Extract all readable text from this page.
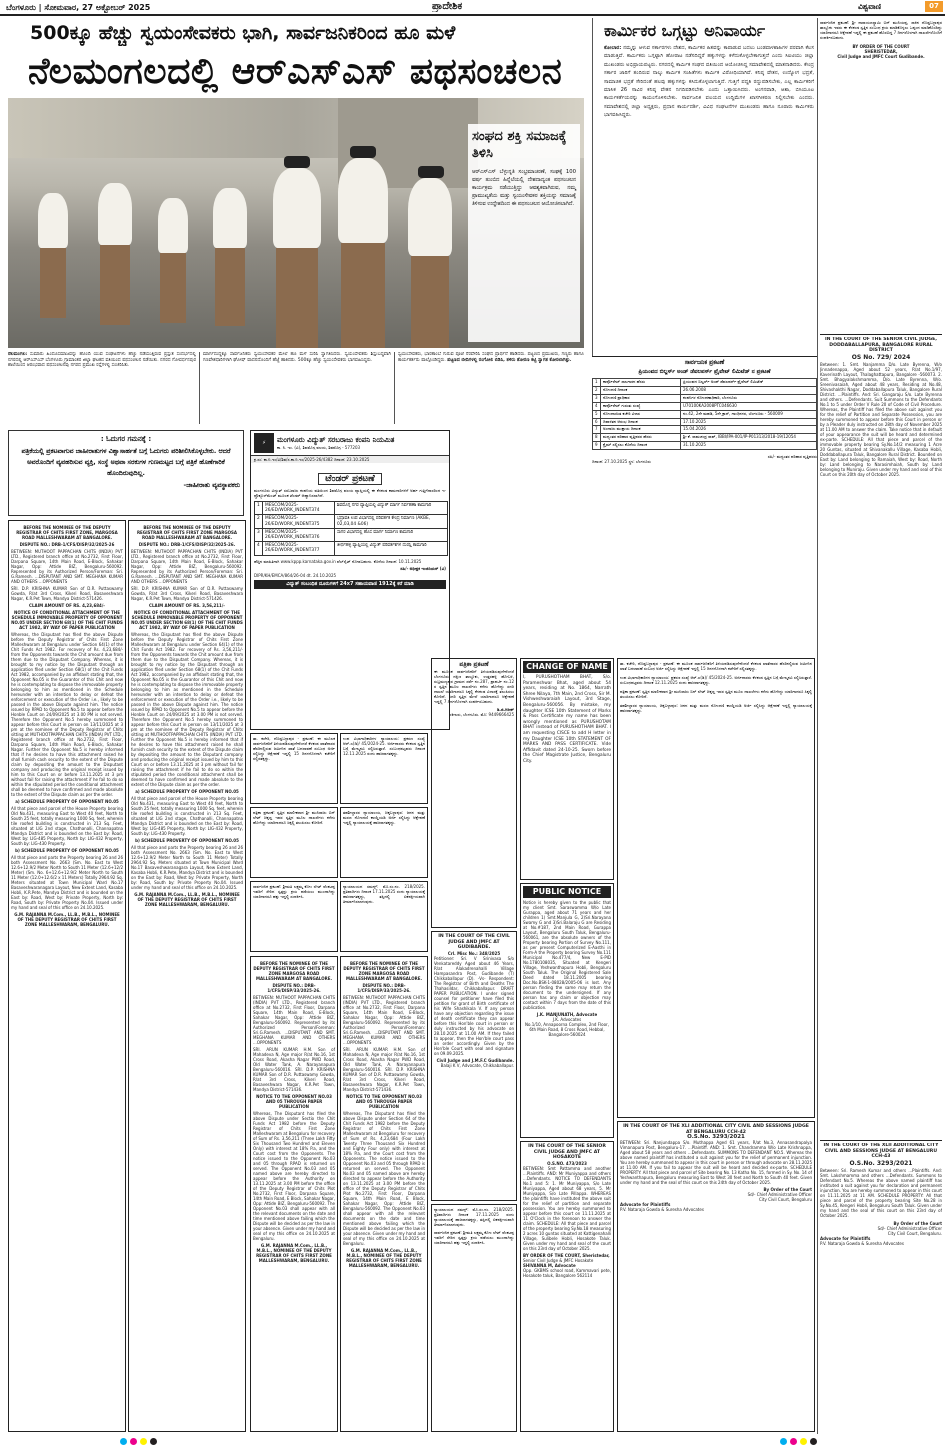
ಬೆಂಗಳೂರು | ಸೋಮವಾರ, 27 ಅಕ್ಟೋಬರ್ 2025	ಪ್ರಾದೇಶಿಕ	ವಿಶ್ವವಾಣಿ	07
500ಕ್ಕೂ ಹೆಚ್ಚು ಸ್ವಯಂಸೇವಕರು ಭಾಗಿ, ಸಾರ್ವಜನಿಕರಿಂದ ಹೂ ಮಳೆ
ನೆಲಮಂಗಲದಲ್ಲಿ ಆರ್‌ಎಸ್‌ಎಸ್ ಪಥಸಂಚಲನ
ಸಂಘದ ಶಕ್ತಿ ಸಮಾಜಕ್ಕೆ ತಿಳಿಸಿ
ಆರ್‌ಎಸ್‌ಎಸ್ ಬೆಳ್ಳುನ್ನತಿ ಸಂಭ್ರಮಾಚರಣೆ, ಸಂಘಕ್ಕೆ 100 ವರ್ಷ ತುಂಬಿದ ಹಿನ್ನೆಲೆಯಲ್ಲಿ ದೇಶದಾದ್ಯಂತ ಪಥಸಂಚಲನ ಕಾರ್ಯಕ್ರಮ ನಡೆಯುತ್ತಿದ್ದು ಆವಶ್ಯಕವಾಗಿರುವ, ನಮ್ಮ ಪ್ರಾಮುಖ್ಯತೆಯ ಮತ್ತು ಸ್ವಯಂಸೇವಕರ ಶಕ್ತಿಯನ್ನು ಸಮಾಜಕ್ಕೆ ತಿಳಿಸುವ ಉದ್ದೇಶದಿಂದ ಈ ಪಥಸಂಚಲನ ಆಯೋಜಿಸಲಾಗಿದೆ.
ನೆಲಮಂಗಲ: ಸುಮಾರು ಹಿಂದೂಸಮಾಜವನ್ನು ಹೊಂದಿ ಯುವ ಸಂಘಟನೆಗಳು ಹೆಚ್ಚು ನಡೆಯುತ್ತಿರುವ ಪ್ರಸ್ತುತ ಸಂದರ್ಭದಲ್ಲಿ ನಗರದಲ್ಲಿ ಆರ್‌ಎಸ್‌ಎಸ್ ಬೆಂಗಳೂರು ಗ್ರಾಮಾಂತರ ಜಿಲ್ಲಾ ಘಟಕದ ವತಿಯಿಂದ ಪಥಸಂಚಲನ ನಡೆಯಿತು. ನಗರದ ಗೋವರ್ಧನಪುರ ಶಾಲೆಯಿಂದ ಆರಂಭವಾದ ಪಥಸಂಚಲನವು ನಗರದ ಪ್ರಮುಖ ರಸ್ತೆಗಳಲ್ಲಿ ಸಂಚರಿಸಿತು.
ಮಾರ್ಗದುದ್ದಕ್ಕೂ ಸಾರ್ವಜನಿಕರು ಸ್ವಯಂಸೇವಕರ ಮೇಲೆ ಹೂ ಮಳೆ ಸುರಿಸಿ ಸ್ವಾಗತಿಸಿದರು. ಸ್ವಯಂಸೇವಕರು ಶಿಸ್ತುಬದ್ಧವಾಗಿ ಗಣವೇಶಧಾರಿಗಳಾಗಿ ಘೋಷ್ ವಾದನದೊಂದಿಗೆ ಹೆಜ್ಜೆ ಹಾಕಿದರು. 500ಕ್ಕೂ ಹೆಚ್ಚು ಸ್ವಯಂಸೇವಕರು ಭಾಗವಹಿಸಿದ್ದರು.
ಸ್ವಯಂಸೇವಕರು, ಭಾರತಾಂಬೆ ಗುರುವ ಪೂಜೆ ನೆರವೇರಿಸಿ ಸಂಘದ ಪ್ರಾರ್ಥನೆ ಹಾಡಿದರು. ಪಟ್ಟಣದ ಪ್ರಮುಖರು, ಗಣ್ಯರು ಹಾಗೂ ಕಾರ್ಯಕರ್ತರು ಪಾಲ್ಗೊಂಡಿದ್ದರು. ಪಟ್ಟಣದ ಬೀದಿಗಳಲ್ಲಿ ರಂಗೋಲಿ ಬಿಡಿಸಿ, ತಳಿರು ತೋರಣ ಕಟ್ಟಿ ಸ್ವಾಗತ ಕೋರಲಾಗಿತ್ತು.
ಕಾರ್ಮಿಕರ ಒಗ್ಗಟ್ಟು ಅನಿವಾರ್ಯ
ಕೋಲಾರ: ನಮ್ಮನ್ನು ಆಳುವ ಸರ್ಕಾರಗಳು ದೇಶದ, ಕಾರ್ಮಿಕರ ಹಿತವನ್ನು ಕಾಪಾಡುವ ಬದಲು ಬಂಡವಾಳಶಾಹಿಗಳ ಪರವಾಗಿ ಕೆಲಸ ಮಾಡುತ್ತಿವೆ. ಕಾರ್ಮಿಕರು ಒಗ್ಗಟ್ಟಾಗಿ ಹೋರಾಟ ನಡೆಸದಿದ್ದರೆ ಹಕ್ಕುಗಳನ್ನು ಕಳೆದುಕೊಳ್ಳಬೇಕಾಗುತ್ತದೆ ಎಂದು ಸಿಐಟಿಯು ಜಿಲ್ಲಾ ಮುಖಂಡರು ಅಭಿಪ್ರಾಯಪಟ್ಟರು. ನಗರದಲ್ಲಿ ಕಾರ್ಮಿಕ ಸಂಘದ ವತಿಯಿಂದ ಆಯೋಜಿಸಿದ್ದ ಸಮಾವೇಶದಲ್ಲಿ ಮಾತನಾಡಿದರು. ಕೇಂದ್ರ ಸರ್ಕಾರ ಜಾರಿಗೆ ತಂದಿರುವ ನಾಲ್ಕು ಕಾರ್ಮಿಕ ಸಂಹಿತೆಗಳು ಕಾರ್ಮಿಕ ವಿರೋಧಿಯಾಗಿವೆ. ಕನಿಷ್ಠ ವೇತನ, ಉದ್ಯೋಗ ಭದ್ರತೆ, ಸಾಮಾಜಿಕ ಭದ್ರತೆ ಸೇರಿದಂತೆ ಹಲವು ಹಕ್ಕುಗಳನ್ನು ಕಸಿದುಕೊಳ್ಳಲಾಗುತ್ತಿದೆ. ಗುತ್ತಿಗೆ ಪದ್ಧತಿ ರದ್ದುಪಡಿಸಬೇಕು, ಎಲ್ಲ ಕಾರ್ಮಿಕರಿಗೆ ಮಾಸಿಕ 26 ಸಾವಿರ ಕನಿಷ್ಠ ವೇತನ ನಿಗದಿಪಡಿಸಬೇಕು ಎಂದು ಒತ್ತಾಯಿಸಿದರು. ಅಂಗನವಾಡಿ, ಆಶಾ, ಬಿಸಿಯೂಟ ಕಾರ್ಯಕರ್ತೆಯರನ್ನು ಕಾಯಂಗೊಳಿಸಬೇಕು. ಸಾರ್ವಜನಿಕ ವಲಯದ ಉದ್ದಿಮೆಗಳ ಖಾಸಗೀಕರಣ ನಿಲ್ಲಿಸಬೇಕು ಎಂದರು. ಸಮಾವೇಶದಲ್ಲಿ ಜಿಲ್ಲಾ ಅಧ್ಯಕ್ಷರು, ಪ್ರಧಾನ ಕಾರ್ಯದರ್ಶಿ, ವಿವಿಧ ಸಂಘಟನೆಗಳ ಮುಖಂಡರು ಹಾಗೂ ನೂರಾರು ಕಾರ್ಮಿಕರು ಭಾಗವಹಿಸಿದ್ದರು.
ಸಾರ್ವಜನಿಕ ಪ್ರಕಟಣೆ: ಶ್ರೀ ನಾರಾಯಣಸ್ವಾಮಿ ಬಿನ್ ಮುನಿಯಪ್ಪ, ಸಾಕಿನ ದೊಡ್ಡಬಳ್ಳಾಪುರ ತಾಲ್ಲೂಕು ಇವರು ಈ ಕೆಳಕಂಡ ಸ್ವತ್ತಿನ ಸಂಬಂಧ ಕ್ರಯ ಮಾಡಿಕೊಳ್ಳಲು ಒಪ್ಪಂದ ಮಾಡಿಕೊಂಡಿದ್ದು ಯಾರಿಗಾದರೂ ಆಕ್ಷೇಪಣೆ ಇದ್ದಲ್ಲಿ ಈ ಪ್ರಕಟಣೆ ಹೊರಬಿದ್ದ 7 ದಿನಗಳೊಳಗಾಗಿ ದಾಖಲೆಗಳೊಂದಿಗೆ ಸಂಪರ್ಕಿಸಬಹುದು.
BY ORDER OF THE COURT
SHERISTEDAR,
Civil Judge and JMFC Court Gudibande.
IN THE COURT OF THE SENIOR CIVIL JUDGE, DODDABALLAPURA, BANGALORE RURAL DISTRICT
OS No. 729/ 2024
Between: 1. Smt. Nanjamma D/o. Late Byrenna, W/o Jinnadenappa, Aged about 52 years, R/at No.1/97, Kaverinath Layout, Thalaghattapura, Bangalore -560073. 2. Smt. Bhagyalakshmamma, D/o. Late Byrenna, W/o. Sreenivasaiah, Aged about 48 years, Residing at No.48, Shivashakthi Nagar, Doddaballapura Taluk, Bangalore Rural District. ...Plaintiffs. And: Sri. Gangaraju S/o. Late Byrenna and others. ...Defendants. Suit Summons to the Defendants No.1 to 5 under Order V Rule 20 of Code of Civil Procedure. Whereas, the Plaintiff has filed the above suit against you for the relief of Partition and Separate Possession, you are hereby summoned to appear before this Court in person or by a Pleader duly instructed on 28th day of November 2025 at 11.00 AM to answer the claim. Take notice that in default of your appearance the suit will be heard and determined ex-parte. SCHEDULE: All that piece and parcel of the immovable property bearing Sy.No.14/2 measuring 1 Acre 20 Guntas, situated at Shivanakallu Village, Kasaba Hobli, Doddaballapura Taluk, Bangalore Rural District. Bounded on East by: Land belonging to Ramaiah, West by: Road, North by: Land belonging to Narasimhaiah, South by: Land belonging to Muniraju. Given under my hand and seal of this Court on this 20th day of October 2025.
IN THE COURT OF THE XLII ADDITIONAL CITY CIVIL AND SESSIONS JUDGE AT BENGALURU CCH-43
O.S.No. 3293/2021
Between: Sri. Ramesh Kumar and others ...Plaintiffs. And: Smt. Lakshmamma and others ...Defendants. Summons to Defendant No.5. Whereas the above named plaintiff has instituted a suit against you for declaration and permanent injunction. You are hereby summoned to appear in this court on 11.11.2025 at 11 AM. SCHEDULE PROPERTY: All that piece and parcel of the property bearing Site No.28 in Sy.No.45, Kengeri Hobli, Bengaluru South Taluk. Given under my hand and the seal of this court on this 23rd day of October 2025.
By Order of the Court
Sd/- Chief Administrative Officer
City Civil Court, Bengaluru.
Advocate for Plaintiffs
P.V. Nataraja Gowda & Suresha Advocates
ಸಾರ್ವಜನಿಕ ಪ್ರಕಟಣೆ
ಪ್ರಿಯಂವದ ಬಿಲ್ಡರ್ಸ್ ಅಂಡ್ ಡೆವಲಪರ್ಸ್ ಪ್ರೈವೇಟ್ ಲಿಮಿಟೆಡ್ ನ ಪ್ರಕಟಣೆ
1	ಕಾರ್ಪೊರೇಟ್ ಸಾಲಗಾರನ ಹೆಸರು	ಪ್ರಿಯಂವದ ಬಿಲ್ಡರ್ಸ್ ಅಂಡ್ ಡೆವಲಪರ್ಸ್ ಪ್ರೈವೇಟ್ ಲಿಮಿಟೆಡ್
2	ನೋಂದಣಿ ದಿನಾಂಕ	26.06.2008
3	ನೋಂದಣಿ ಪ್ರಾಧಿಕಾರ	ಕಂಪನಿಗಳ ನೋಂದಣಾಧಿಕಾರಿ, ಬೆಂಗಳೂರು
4	ಕಾರ್ಪೊರೇಟ್ ಗುರುತು ಸಂಖ್ಯೆ	U70100KA2008PTC046630
5	ನೋಂದಾಯಿತ ಕಚೇರಿ ವಿಳಾಸ	ನಂ.42, 2ನೇ ಮಹಡಿ, 5ನೇ ಕ್ರಾಸ್, ಗಾಂಧಿನಗರ, ಬೆಂಗಳೂರು - 560009
6	ದಿವಾಳಿತನ ಆರಂಭ ದಿನಾಂಕ	17.10.2025
7	ಅಂದಾಜು ಮುಕ್ತಾಯ ದಿನಾಂಕ	15.04.2026
8	ಮಧ್ಯಂತರ ಪರಿಹಾರ ವೃತ್ತಿಪರರ ಹೆಸರು	ಶ್ರೀ ಕೆ. ರಾಮಚಂದ್ರ ರಾವ್, IBBI/IPA-001/IP-P01313/2018-19/12054
9	ಕ್ಲೈಮ್ ಸಲ್ಲಿಸಲು ಕೊನೆಯ ದಿನಾಂಕ	31.10.2025
ಸಹಿ/- ಮಧ್ಯಂತರ ಪರಿಹಾರ ವೃತ್ತಿಪರರು
ದಿನಾಂಕ: 27.10.2025 ಸ್ಥಳ: ಬೆಂಗಳೂರು
: ಓದುಗರ ಗಮನಕ್ಕೆ :
ಪತ್ರಿಕೆಯಲ್ಲಿ ಪ್ರಕಟವಾಗುವ ಜಾಹೀರಾತುಗಳ ವಿಶ್ವಾಸಾರ್ಹತೆ ಬಗ್ಗೆ ಓದುಗರು ಪರಿಶೀಲಿಸಿಕೊಳ್ಳಬೇಕು. ಆದರೆ ಅವರೊಂದಿಗೆ ವ್ಯವಹರಿಸುವ ವ್ಯಕ್ತಿ, ಸಂಸ್ಥೆ ಅಥವಾ ಸರಕುಗಳ ಗುಣಮಟ್ಟದ ಬಗ್ಗೆ ಪತ್ರಿಕೆ ಹೊಣೆಗಾರಿಕೆ ಹೊಂದಿರುವುದಿಲ್ಲ.
-ಜಾಹೀರಾತು ವ್ಯವಸ್ಥಾಪಕರು
BEFORE THE NOMINEE OF THE DEPUTY REGISTRAR OF CHITS FIRST ZONE, MARGOSA ROAD MALLESHWARAM AT BANGALORE.
DISPUTE NO.: DRB-1/CFS/DISP/32/2025-26
BETWEEN: MUTHOOT PAPPACHAN CHITS (INDIA) PVT LTD., Registered branch office at No.2732, First Floor, Darpana Square, 14th Main Road, E-Block, Sahakar Nagar, Opp: Attide BIZ, Bengaluru-560092. Represented by its Authorized Person/Foreman: Sri. G.Ramesh. ...DISPUTANT AND SMT. MEGHANA KUMAR AND OTHERS ...OPPONENTS
SRI. D.P. KRISHNA KUMAR Son of D.R. Puttaswamy Gowda, R/at 3rd Cross, Kikeri Road, Basaveshwara Nagar, K.R.Pet Town, Mandya District-571426.
CLAIM AMOUNT OF RS. 4,23,684/-
NOTICE OF CONDITIONAL ATTACHMENT OF THE SCHEDULE IMMOVABLE PROPERTY OF OPPONENT NO.05 UNDER SECTION 68(1) OF THE CHIT FUNDS ACT 1982, BY WAY OF PAPER PUBLICATION
Whereas, the Disputant has filed the above Dispute before the Deputy Registrar of Chits First Zone Malleshwaram at Bengaluru under Section 64(1) of the Chit Funds Act 1982. For recovery of Rs. 4,23,684/- from the Opponents towards the Chit amount due from them due to the Disputant Company. Whereas, it is brought to my notice by the Disputant through an application filed under Section 68(1) of the Chit Funds Act 1982, accompanied by an affidavit stating that, the Opponent No.05 is the Guarantor of this Chit and now he is contemplating to dispose the immovable property belonging to him as mentioned in the Schedule hereunder with an intention to delay or defeat the enforcement or execution of the Order i.e., likely to be passed in the above Dispute against him. The notice issued by RPAD to Opponent No.5 to appear before the Honble Court on 24/09/2025 at 3.00 PM is not served. Therefore the Opponent No.5 hereby summoned to appear before this Court in person on 13/11/2025 at 3 pm at the nominee of the Deputy Registrar of Chits sitting at MUTHOOTPAPPACHAN CHITS (INDIA) PVT LTD., Registered branch office at No.2732, First Floor, Darpana Square, 14th Main Road, E-Block, Sahakar Nagar. Further the Opponent No.5 is hereby informed that if he desires to have this attachment raised he shall furnish cash security to the extent of the Dispute claim by depositing the amount to the Disputant company and producing the original receipt issued by him to this Court on or before 13.11.2025 at 3 pm without fail for raising the attachment if he fail to do so within the stipulated period the conditional attachment shall be deemed to have confirmed and made absolute to the extent of the Dispute claim as per the order.
a) SCHEDULE PROPERTY OF OPPONENT NO.05
All that piece and parcel of the House Property bearing Old No.431, measuring East to West 40 feet, North to South 25 feet, totally measuring 1000 Sq. feet, wherein tile roofed building is constructed in 213 Sq. Feet, situated at LIG 2nd stage, Chathanalli, Channapatna Mandya District and is bounded on the East by: Road, West by: LIG-485 Property, North by: LIG-432 Property, South by: LIG-430 Property.
b) SCHEDULE PROPERTY OF OPPONENT NO.05
All that piece and parts the Property bearing 26 and 26 both Assessment No. 2663 (Sm. No. East to West 12.6+12.9/2 Meter North to South 11 Meter (12.6+12/2 Meter) (Sm. No. 6+12.6+12.9/2 Meter North to South 11 Meter (12.0+12.6/2 x 11 Meters) Totally 2964.92 Sq. Meters situated at Town Municipal Ward No.17 Basaveshwaranagara Layout, New Extent Land, Kasaba Hobli, K.R.Pete, Mandya District and is bounded on the East by: Road, West by: Private Property, North by: Road, South by: Private Property No.04. Issued under my hand and seal of this office on 24.10.2025.
G.M. RAJANNA M.Com., LL.B., M.B.L., NOMINEE OF THE DEPUTY REGISTRAR OF CHITS FIRST ZONE MALLESHWARAM, BENGALURU.
BEFORE THE NOMINEE OF THE DEPUTY REGISTRAR OF CHITS FIRST ZONE MARGOSA ROAD MALLESHWARAM AT BANGALORE.
DISPUTE NO.: DRB-1/CFS/DISP/32/2025-26.
BETWEEN: MUTHOOT PAPPACHAN CHITS (INDIA) PVT LTD., Registered branch office at No.2732, First Floor, Darpana Square, 14th Main Road, E-Block, Sahakar Nagar, Opp: Attide BIZ, Bengaluru-560092. Represented by its Authorized Person/Foreman: Sri. G.Ramesh. ...DISPUTANT AND SMT. MEGHANA KUMAR AND OTHERS ...OPPONENTS
SRI. D.P. KRISHNA KUMAR Son of D.R. Puttaswamy Gowda, R/at 3rd Cross, Kikeri Road, Basaveshwara Nagar, K.R.Pet Town, Mandya District-571426.
CLAIM AMOUNT OF RS. 3,56,211/-
NOTICE OF CONDITIONAL ATTACHMENT OF THE SCHEDULE IMMOVABLE PROPERTY OF OPPONENT NO.05 UNDER SECTION 68(1) OF THE CHIT FUNDS ACT 1982, BY WAY OF PAPER PUBLICATION
Whereas, the Disputant has filed the above Dispute before the Deputy Registrar of Chits First Zone Malleshwaram at Bengaluru under Section 64(1) of the Chit Funds Act 1982. For recovery of Rs. 3,56,211/- from the Opponents towards the Chit amount due from them due to the Disputant Company. Whereas, it is brought to my notice by the Disputant through an application filed under Section 68(1) of the Chit Funds Act 1982, accompanied by an affidavit stating that, the Opponent No.05 is the Guarantor of this Chit and now he is contemplating to dispose the immovable property belonging to him as mentioned in the Schedule hereunder with an intention to delay or defeat the enforcement or execution of the Order i.e., likely to be passed in the above Dispute against him. The notice issued by RPAD to Opponent No.5 to appear before the Honble Court on 24/09/2025 at 3.00 PM is not served. Therefore the Opponent No.5 hereby summoned to appear before this Court in person on 13/11/2025 at 3 pm at the nominee of the Deputy Registrar of Chits sitting at MUTHOOTPAPPACHAN CHITS (INDIA) PVT LTD. Further the Opponent No.5 is hereby informed that if he desires to have this attachment raised he shall furnish cash security to the extent of the Dispute claim by depositing the amount to the Disputant company and producing the original receipt issued by him to this Court on or before 13.11.2025 at 3 pm without fail for raising the attachment if he fail to do so within the stipulated period the conditional attachment shall be deemed to have confirmed and made absolute to the extent of the Dispute claim as per the order.
a) SCHEDULE PROPERTY OF OPPONENT NO.05
All that piece and parcel of the House Property bearing Old No.431, measuring East to West 40 feet, North to South 25 feet, totally measuring 1000 Sq. feet, wherein tile roofed building is constructed in 213 Sq. Feet, situated at LIG 2nd stage, Chathanalli, Channapatna Mandya District and is bounded on the East by: Road, West by: LIG-485 Property, North by: LIG-432 Property, South by: LIG-430 Property.
b) SCHEDULE PROVERTY OF OPPONENT NO.05
All that piece and parts the Property bearing 26 and 26 both Assessment No. 2663 (Sm. No. East to West 12.6+12.9/2 Meter North to South 11 Meter) Totally 2964.92 Sq. Meters situated at Town Municipal Ward No.17 Basaveshwaranagara Layout, New Extent Land, Kasaba Hobli, K.R.Pete, Mandya District and is bounded on the East by: Road, West by: Private Property, North by: Road, South by: Private Property No.04. Issued under my hand and seal of this office on 24.10.2025.
G.M. RAJANNA M.Com., LL.B., M.B.L., NOMINEE OF THE DEPUTY REGISTRAR OF CHITS FIRST ZONE MALLESHWARAM, BENGALURU.
BEFORE THE NOMINEE OF THE DEPUTY REGISTRAR OF CHITS FIRST ZONE MARGOSA ROAD MALLESHWARAM AT BANGALORE.
DISPUTE NO.: DRB-1/CFS/DISP/33/2025-26.
BETWEEN: MUTHOOT PAPPACHAN CHITS (INDIA) PVT LTD., Registered branch office at No.2732, First Floor, Darpana Square, 14th Main Road, E-Block, Sahakar Nagar, Opp: Attide BIZ, Bengaluru-560092. Represented by its Authorized Person/Foreman: Sri.G.Ramesh. ...DISPUTANT AND SMT. MEGHANA KUMAR AND OTHERS ...OPPONENTS
SRI. ARUN KUMAR H.M. Son of Mahadeva N, Age major R/at No.16, 1st Cross Road, Akasha Nagar PWD Road, Old Water Tank, A. Narayanapura Bengaluru-560016. SRI. D.P. KRISHNA KUMAR Son of D.R. Puttaswamy Gowda, R/at 3rd Cross, Kikeri Road, Basaveshwara Nagar, K.R.Pet Town, Mandya District-571436.
NOTICE TO THE OPPONENT NO.03 AND 05 THROUGH PAPER PUBLICATION
Whereas, The Disputant has filed the above Dispute under Sectio the Chit Funds Act 1982 before the Deputy Registrar of Chits First Zone Malleshwaram at Bengaluru for recovery of Sum of Rs. 3,56,211 (Three Lakh Fifty Six Thousand Two Hundred and Eleven Only) with interest at 18% P.a, and the Court cost from the Opponents. The notice issued to the Opponent No.03 and 05 through RPAD is returned un served. The Opponent No.03 and 05 named above are hereby directed to appear before the Authority on 13.11.2025 at 3.00 PM before the office of the Deputy Registrar of Chits Plot No.2732, First Floor, Darpana Square, 14th Main Road, E Block, Sahakar Nagar, Opp: Attide BIZ, Bengaluru-560092. The Opponent No.03 shall appear with all the relevant documents on the date and time mentioned above failing which the Dispute will be decided as per the law in your absence. Given under my hand and seal of my this office on 24.10.2025 at Bengaluru.
G.M. RAJANNA M.Com., LL.B., M.B.L., NOMINEE OF THE DEPUTY REGISTRAR OF CHITS FIRST ZONE MALLESHWARAM, BENGALURU.
BEFORE THE NOMINEE OF THE DEPUTY REGISTRAR OF CHITS FIRST ZONE MARGOSA ROAD MALLESHWARAM AT BANGALORE.
DISPUTE NO.: DRB-1/CFS/DISP/33/2025-26.
BETWEEN: MUTHOOT PAPPACHAN CHITS (INDIA) PVT LTD., Registered branch office at No.2732, First Floor, Darpana Square, 14th Main Road, E-Block, Sahakar Nagar, Opp: Attide BIZ, Bengaluru-560092. Represented by its Authorized Person/Foreman: Sri.G.Ramesh. ...DISPUTANT AND SMT. MEGHANA KUMAR AND OTHERS ...OPPONENTS
SRI. ARUN KUMAR H.M. Son of Mahadeva N, Age major R/at No.16, 1st Cross Road, Akasha Nagar PWD Road, Old Water Tank, A. Narayanapura Bengaluru-560016. SRI. D.P. KRISHNA KUMAR Son of D.R. Puttaswamy Gowda, R/at 3rd Cross, Kikeri Road, Basaveshwara Nagar, K.R.Pet Town, Mandya District-571436.
NOTICE TO THE OPPONENT NO.03 AND 05 THROUGH PAPER PUBLICATION
Whereas, The Disputant has filed the above Dispute under Section 64 of the Chit Funds Act 1982 before the Deputy Registrar of Chits First Zone Malleshwaram at Bengaluru for recovery of Sum of Rs. 4,23,684 (Four Lakh Twenty Three Thousand Six Hundred and Eighty Four only) with interest at 18% P.a, and the Court cost from the Opponents. The notice issued to the Opponent No.03 and 05 through RPAD is returned un served. The Opponent No.03 and 05 named above are hereby directed to appear before the Authority on 13.11.2025 at 3.00 PM before the office of the Deputy Registrar of Chits Plot No.2732, First Floor, Darpana Square, 14th Main Road, E Block, Sahakar Nagar, Opp: Attide BIZ, Bengaluru-560092. The Opponent No.03 shall appear with all the relevant documents on the date and time mentioned above failing which the Dispute will be decided as per the law in your absence. Given under my hand and seal of my this office on 24.10.2025 at Bengaluru.
G.M. RAJANNA M.Com., LL.B., M.B.L., NOMINEE OF THE DEPUTY REGISTRAR OF CHITS FIRST ZONE MALLESHWARAM, BENGALURU.
⚡	ಮಂಗಳೂರು ವಿದ್ಯುತ್ ಸರಬರಾಜು ಕಂಪನಿ ನಿಯಮಿತ
ಕಾ. ನಿ. ಇಂ. (ವಿ), ಶಿವಮೊಗ್ಗ ವಲಯ, ಶಿವಮೊಗ್ಗ - 577203
ಕ್ರ.ಸಂ: ಕಾ.ನಿ.ಇಂ/ವಿ/ಶಿವ/ಸ.ಕಾ.ನಿ.ಇಂ/2025-26/4382 ದಿನಾಂಕ: 23.10.2025
ಟೆಂಡರ್ ಪ್ರಕಟಣೆ
ಮಂಗಳೂರು ವಿದ್ಯುತ್ ಸರಬರಾಜು ಕಂಪನಿಯ ವತಿಯಿಂದ ಶಿವಮೊಗ್ಗ ವಲಯ ವ್ಯಾಪ್ತಿಯಲ್ಲಿ ಈ ಕೆಳಕಂಡ ಕಾಮಗಾರಿಗಳಿಗೆ ಅರ್ಹ ಗುತ್ತಿಗೆದಾರರಿಂದ ಇ-ಪ್ರೊಕ್ಯೂರ್‌ಮೆಂಟ್ ಮೂಲಕ ಟೆಂಡರ್ ಆಹ್ವಾನಿಸಲಾಗಿದೆ.
1	MESCOM/2025-26/ED/WORK_INDENT374	ಶಿವಮೊಗ್ಗ ನಗರ ವ್ಯಾಪ್ತಿಯಲ್ಲಿ ವಿದ್ಯುತ್ ಮಾರ್ಗ ನಿರ್ವಹಣಾ ಕಾಮಗಾರಿ
2	MESCOM/2025-26/ED/WORK_INDENT375	ಭದ್ರಾವತಿ ಉಪ ವಿಭಾಗದಲ್ಲಿ ಪರಿವರ್ತಕ ಕೇಂದ್ರ ನಿರ್ಮಾಣ (AKBE, 02,03,04 &06)
3	MESCOM/2025-26/ED/WORK_INDENT376	ಸಾಗರ ವಿಭಾಗದಲ್ಲಿ ಹೊಸ ಮಾರ್ಗ ನಿರ್ಮಾಣ ಕಾಮಗಾರಿ
4	MESCOM/2025-26/ED/WORK_INDENT377	ತೀರ್ಥಹಳ್ಳಿ ವ್ಯಾಪ್ತಿಯಲ್ಲಿ ವಿದ್ಯುತ್ ಪರಿವರ್ತಕಗಳ ದುರಸ್ತಿ ಕಾಮಗಾರಿ
ಹೆಚ್ಚಿನ ಮಾಹಿತಿಗಾಗಿ www.kppp.karnataka.gov.in ವೆಬ್‌ಸೈಟ್ ನೋಡಬಹುದು. ಕೊನೆಯ ದಿನಾಂಕ: 10.11.2025
ಸಹಿ/- ಅಧೀಕ್ಷಕ ಇಂಜಿನಿಯರ್ (ವಿ)
DIPR/KH/EMCA/864/26-04 dt. 24.10.2025
ವಿದ್ಯುತ್ ಸಂಬಂಧಿತ ದೂರುಗಳಿಗೆ 24x7 ಸಹಾಯವಾಣಿ 1912ಕ್ಕೆ ಕರೆ ಮಾಡಿ
ತಾ. ಕಚೇರಿ, ದೊಡ್ಡಬಳ್ಳಾಪುರ - ಪ್ರಕಟಣೆ: ಈ ಮೂಲಕ ಸಾರ್ವಜನಿಕರಿಗೆ ತಿಳಿಯಪಡಿಸುವುದೇನೆಂದರೆ ಕೆಳಕಂಡ ಖಾತೆದಾರರ ಹೆಸರಿನಲ್ಲಿರುವ ಜಮೀನಿನ ಖಾತೆ ಬದಲಾವಣೆ ಸಂಬಂಧ ಅರ್ಜಿ ಸಲ್ಲಿಸಿದ್ದು ಆಕ್ಷೇಪಣೆ ಇದ್ದಲ್ಲಿ 15 ದಿನಗಳೊಳಗಾಗಿ ಕಚೇರಿಗೆ ಸಲ್ಲಿಸತಕ್ಕದ್ದು.
ಉಪ ವಿಭಾಗಾಧಿಕಾರಿಗಳ ನ್ಯಾಯಾಲಯ: ಪ್ರಕರಣ ಸಂಖ್ಯೆ ಆರ್.ಎ(ಡಿ)/ 45/2024-25. ಅರ್ಜಿದಾರರು ಕೆಳಕಂಡ ಸ್ವತ್ತಿನ ಬಗ್ಗೆ ಮೇಲ್ಮನವಿ ಸಲ್ಲಿಸಿರುತ್ತಾರೆ. ಸಂಬಂಧಪಟ್ಟವರು ದಿನಾಂಕ 12.11.2025 ರಂದು ಹಾಜರಾಗತಕ್ಕದ್ದು.
ಪತ್ರಿಕಾ ಪ್ರಕಟಣೆ: ಸ್ವತ್ತಿನ ಮಾಲೀಕರಾದ ಶ್ರೀ ಮುನಿರಾಜು ಬಿನ್ ಲೇಟ್ ಚಿಕ್ಕಣ್ಣ ಇವರ ಸ್ವತ್ತಿನ ಮೂಲ ದಾಖಲೆಗಳು ಕಳೆದು ಹೋಗಿದ್ದು ಯಾರಿಗಾದರೂ ಸಿಕ್ಕಲ್ಲಿ ತಲುಪಿಸಲು ಕೋರಿದೆ.
ತಹಶೀಲ್ದಾರರ ನ್ಯಾಯಾಲಯ, ಚಿಕ್ಕಬಳ್ಳಾಪುರ: ಜನನ ಮತ್ತು ಮರಣ ನೋಂದಣಿ ಕಾಯ್ದೆಯಡಿ ಅರ್ಜಿ ಸಲ್ಲಿಸಿದ್ದು ಆಕ್ಷೇಪಣೆ ಇದ್ದಲ್ಲಿ ನ್ಯಾಯಾಲಯಕ್ಕೆ ಹಾಜರಾಗತಕ್ಕದ್ದು.
ಸಾರ್ವಜನಿಕ ಪ್ರಕಟಣೆ: ಶ್ರೀಮತಿ ಲಕ್ಷ್ಮಮ್ಮ ಕೋಂ ಲೇಟ್ ವೆಂಕಟಪ್ಪ ಇವರಿಗೆ ಸೇರಿದ ಸ್ವತ್ತನ್ನು ಕ್ರಯ ಪಡೆಯಲು ಮುಂದಾಗಿದ್ದು ಯಾರಿಗಾದರೂ ಹಕ್ಕು ಇದ್ದಲ್ಲಿ ಸಂಪರ್ಕಿಸಿ.
ನ್ಯಾಯಾಲಯದ ಸಮನ್ಸ್: ಮೊ.ಸಂ.ನಂ. 218/2025. ಪ್ರತಿವಾದಿಗಳು ದಿನಾಂಕ 17.11.2025 ರಂದು ನ್ಯಾಯಾಲಯಕ್ಕೆ ಹಾಜರಾಗತಕ್ಕದ್ದು, ತಪ್ಪಿದಲ್ಲಿ ಏಕಪಕ್ಷೀಯವಾಗಿ ತೀರ್ಮಾನಿಸಲಾಗುವುದು.
ಪತ್ರಿಕಾ ಪ್ರಕಟಣೆ
ಈ ಮೂಲಕ ಸಾರ್ವಜನಿಕರಿಗೆ ತಿಳಿಯಪಡಿಸುವುದೇನೆಂದರೆ ಬೆಂಗಳೂರು ದಕ್ಷಿಣ ತಾಲ್ಲೂಕು, ಉತ್ತರಹಳ್ಳಿ ಹೋಬಳಿ, ಸುಬ್ರಮಣ್ಯಪುರ ಗ್ರಾಮದ ಸರ್ವೆ ನಂ.287, ಪ್ರಾಪರ್ಟಿ ನಂ.12 ರ ಸ್ವತ್ತಿನ ಮೂಲ ದಾಖಲೆಗಳು ಕಳೆದು ಹೋಗಿದ್ದು ಸದರಿ ದಾಖಲೆ ಯಾರಿಗಾದರೂ ಸಿಕ್ಕಲ್ಲಿ ಕೆಳಕಂಡ ವಿಳಾಸಕ್ಕೆ ತಲುಪಿಸಲು ಕೋರಿದೆ. ಸದರಿ ಸ್ವತ್ತಿನ ಮೇಲೆ ಯಾರಿಗಾದರೂ ಆಕ್ಷೇಪಣೆ ಇದ್ದಲ್ಲಿ 7 ದಿನಗಳೊಳಗಾಗಿ ಸಂಪರ್ಕಿಸಬಹುದು.
ಡಿ.ಜಿ.ಗಿರೀಶ್
ವಕೀಲರು, ಬೆಂಗಳೂರು. ಮೊ: 9449666425
IN THE COURT OF THE CIVIL JUDGE AND JMFC AT GUDIBANDE.
Crl. Misc No.: 348/2025
Petitioner: Sri. V Srinivasa S/o Venkatareddy Aged about 46 Years, R/at Alakadrenahalli Village Hampasandra Post, Gudibande (T) Chikkaballapur (D). -Vs- Respondent: The Registrar of Birth and Deaths The Thahasildar, Chikkaballapur. DRAFT PAPER PUBLICATION. I under signed counsel for petitioner have filed this petition for grant of Birth certificate of his Wife Shashikala V. If any person have any objection regarding the issue of death certificate they can appear before this Hon'ble court in person or duly instructed by his advocate on 28.10.2025 at 11.00 AM. If they failed to appear, then the Hon'ble court pass an order accordingly. Given by the Hon'ble Court with seal and signature on 09.09.2025.
Civil Judge and J.M.F.C Gudibande.
Balaji K V, Advocate, Chikkaballapur.
ನ್ಯಾಯಾಲಯದ ಸಮನ್ಸ್: ಮೊ.ಸಂ.ನಂ. 218/2025. ಪ್ರತಿವಾದಿಗಳು ದಿನಾಂಕ 17.11.2025 ರಂದು ನ್ಯಾಯಾಲಯಕ್ಕೆ ಹಾಜರಾಗತಕ್ಕದ್ದು, ತಪ್ಪಿದಲ್ಲಿ ಏಕಪಕ್ಷೀಯವಾಗಿ ತೀರ್ಮಾನಿಸಲಾಗುವುದು.
ಸಾರ್ವಜನಿಕ ಪ್ರಕಟಣೆ: ಶ್ರೀಮತಿ ಲಕ್ಷ್ಮಮ್ಮ ಕೋಂ ಲೇಟ್ ವೆಂಕಟಪ್ಪ ಇವರಿಗೆ ಸೇರಿದ ಸ್ವತ್ತನ್ನು ಕ್ರಯ ಪಡೆಯಲು ಮುಂದಾಗಿದ್ದು ಯಾರಿಗಾದರೂ ಹಕ್ಕು ಇದ್ದಲ್ಲಿ ಸಂಪರ್ಕಿಸಿ.
CHANGE OF NAME
I, PURUSHOTHAM BHAT, S/o. Parameshwar Bhat, aged about 54 years, residing at No. 1864, Narrath Shree Nilaya, 7th Main, 2nd Cross, Sir M. Vishweshwaraiah Layout, 3rd Stage, Bengaluru-560056. By mistake, my daughter ICSE 10th Statement of Marks & Pass Certificate my name has been wrongly mentioned as PURUSHOTAM BHAT instead of PURUSHOTHAM BHAT. I am requesting CISCE to add H letter in my Daughter ICSE 10th STATEMENT OF MARKS AND PASS CERTIFICATE. Vide Affidavit dated 24-10-25. Sworn before the Chief Magistrate Justice, Bengaluru City.
PUBLIC NOTICE
Notice is hereby given to the public that my client Smt. Saraswamma W/o Late Gurappa, aged about 71 years and her children 1) Smt.Manjula G, 2)Sri.Narayana Swamy G and 3)Sri.Balaraju G are Residing at No.#187, 2nd Main Road, Gurappa Layout, Bengaluru South Taluk, Bengaluru-560061, are the absolute owners of the Property bearing Portion of Survey No.111, as per present Computerized E-Aasthi in Form-A the Property bearing Survey No.111 Municipal No.477/4, New E-PID No.1780108035, Situated at Kengeri Village, Yeshwanthapura Hobli, Bengaluru South Taluk. The Original Registered Sale Deed dated 18.11.2005 bearing Doc.No.BSK-1-08028/2005-06 is lost. Any person finding the same may return the document to the undersigned. If any person has any claim or objection may contact within 7 days from the date of this publication.
J.K. MANJUNATH, Advocate
J.K. Advocates
No.1/10, Annapoorna Complex, 2nd Floor, 6th Main Road, 8 Cross Road, Hebbal, Bangalore-560024
IN THE COURT OF THE SENIOR CIVIL JUDGE AND JMFC AT HOSAKOTE
O.S.NO. 473/2023
BETWEEN: Smt Pattamma and another ...Plaintiffs. AND: Mr Muniyappa and others ...Defendants. NOTICE TO DEFENDANTS No.1 and 5: 1. Mr Muniyappa, S/o Late Muniyappa, Aged about 68 years, 5. Mr Muniyappa, S/o Late Pillappa. WHEREAS the plaintiffs have instituted the above suit for the relief of partition and separate possession. You are hereby summoned to appear before this court on 11.11.2025 at 11 O'Clock in the forenoon to answer the claim. SCHEDULE: All that piece and parcel of the property bearing Sy.No.18 measuring 2 acres 10 guntas situated at Kattigenahalli Village, Sulibele Hobli, Hosakote Taluk. Given under my hand and seal of the court on this 23rd day of October 2025.
BY ORDER OF THE COURT, Sheristedar,
Senior Civil Judge & JMFC Hosakote
SHIVANNA M, Advocate
Opp. GKBMS school road, Kammavari pete, Hosakote taluk, Bangalore 562114
ತಾ. ಕಚೇರಿ, ದೊಡ್ಡಬಳ್ಳಾಪುರ - ಪ್ರಕಟಣೆ: ಈ ಮೂಲಕ ಸಾರ್ವಜನಿಕರಿಗೆ ತಿಳಿಯಪಡಿಸುವುದೇನೆಂದರೆ ಕೆಳಕಂಡ ಖಾತೆದಾರರ ಹೆಸರಿನಲ್ಲಿರುವ ಜಮೀನಿನ ಖಾತೆ ಬದಲಾವಣೆ ಸಂಬಂಧ ಅರ್ಜಿ ಸಲ್ಲಿಸಿದ್ದು ಆಕ್ಷೇಪಣೆ ಇದ್ದಲ್ಲಿ 15 ದಿನಗಳೊಳಗಾಗಿ ಕಚೇರಿಗೆ ಸಲ್ಲಿಸತಕ್ಕದ್ದು.
ಉಪ ವಿಭಾಗಾಧಿಕಾರಿಗಳ ನ್ಯಾಯಾಲಯ: ಪ್ರಕರಣ ಸಂಖ್ಯೆ ಆರ್.ಎ(ಡಿ)/ 45/2024-25. ಅರ್ಜಿದಾರರು ಕೆಳಕಂಡ ಸ್ವತ್ತಿನ ಬಗ್ಗೆ ಮೇಲ್ಮನವಿ ಸಲ್ಲಿಸಿರುತ್ತಾರೆ. ಸಂಬಂಧಪಟ್ಟವರು ದಿನಾಂಕ 12.11.2025 ರಂದು ಹಾಜರಾಗತಕ್ಕದ್ದು.
ಪತ್ರಿಕಾ ಪ್ರಕಟಣೆ: ಸ್ವತ್ತಿನ ಮಾಲೀಕರಾದ ಶ್ರೀ ಮುನಿರಾಜು ಬಿನ್ ಲೇಟ್ ಚಿಕ್ಕಣ್ಣ ಇವರ ಸ್ವತ್ತಿನ ಮೂಲ ದಾಖಲೆಗಳು ಕಳೆದು ಹೋಗಿದ್ದು ಯಾರಿಗಾದರೂ ಸಿಕ್ಕಲ್ಲಿ ತಲುಪಿಸಲು ಕೋರಿದೆ.
ತಹಶೀಲ್ದಾರರ ನ್ಯಾಯಾಲಯ, ಚಿಕ್ಕಬಳ್ಳಾಪುರ: ಜನನ ಮತ್ತು ಮರಣ ನೋಂದಣಿ ಕಾಯ್ದೆಯಡಿ ಅರ್ಜಿ ಸಲ್ಲಿಸಿದ್ದು ಆಕ್ಷೇಪಣೆ ಇದ್ದಲ್ಲಿ ನ್ಯಾಯಾಲಯಕ್ಕೆ ಹಾಜರಾಗತಕ್ಕದ್ದು.
IN THE COURT OF THE XLI ADDITIONAL CITY CIVIL AND SESSIONS JUDGE AT BENGALURU CCH-42
O.S.No. 3293/2021
BETWEEN: Sri. Nanjundappa S/o. Muthappa Aged 61 years, R/at No.3, Annasandrapalya Vimanapura Post, Bengaluru-17. ...Plaintiff. AND: 1. Smt. Chandramma W/o Late Krishnappa, Aged about 58 years and others ...Defendants. SUMMONS TO DEFENDANT NO.5. Whereas the above named plaintiff has instituted a suit against you for the relief of permanent injunction. You are hereby summoned to appear in this court in person or through advocate on 28.11.2025 at 11.00 AM. If you fail to appear the suit will be heard and decided ex-parte. SCHEDULE PROPERTY: All that piece and parcel of Site bearing No. 13 Katha No. 15, formed in Sy. No. 14 of Yeshwanthapura, Bengaluru measuring East to West 30 feet and North to South 40 feet. Given under my hand and the seal of this court on this 24th day of October 2025.
By Order of the Court
Sd/- Chief Administrative Officer
City Civil Court, Bengaluru
Advocate for Plaintiffs
P.V. Nataraja Gowda & Suresha Advocates
